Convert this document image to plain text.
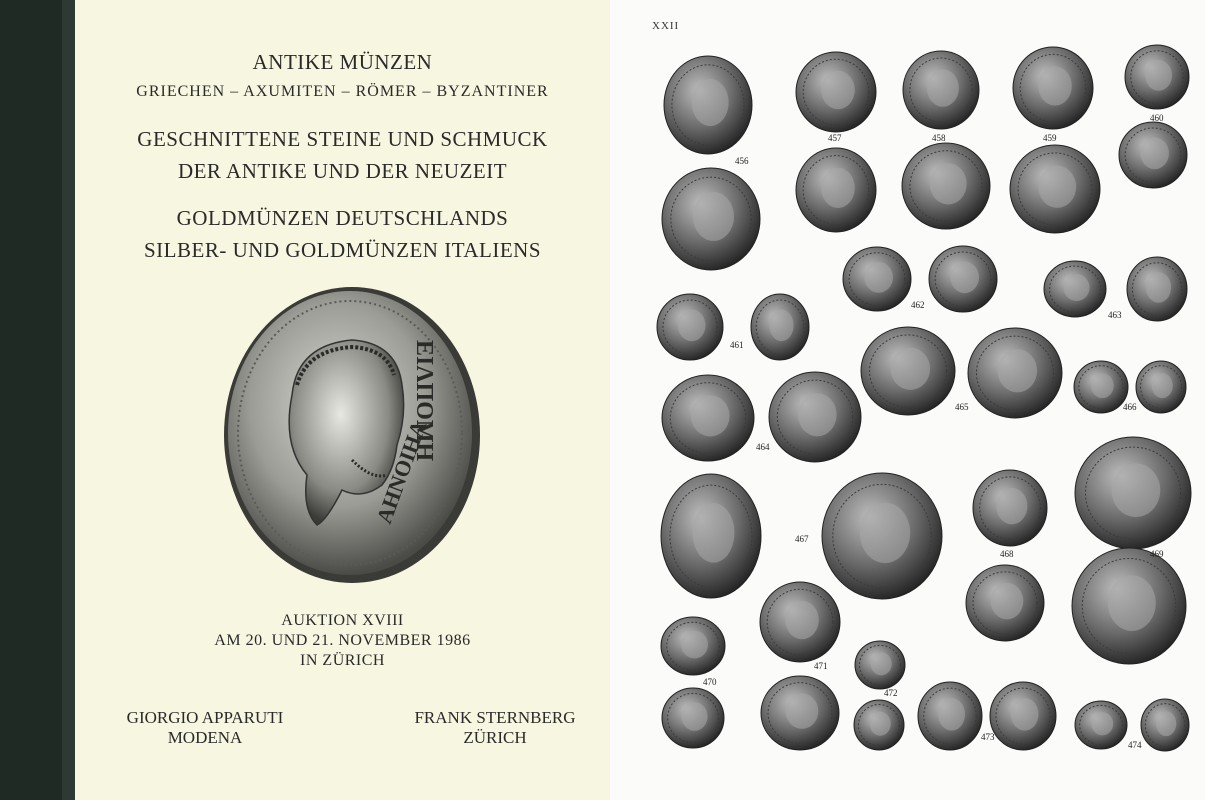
ANTIKE MÜNZEN
GRIECHEN – AXUMITEN – RÖMER – BYZANTINER
GESCHNITTENE STEINE UND SCHMUCK
DER ANTIKE UND DER NEUZEIT
GOLDMÜNZEN DEUTSCHLANDS
SILBER- UND GOLDMÜNZEN ITALIENS
AUKTION XVIII
AM 20. UND 21. NOVEMBER 1986
IN ZÜRICH
GIORGIO APPARUTI
MODENA
FRANK STERNBERG
ZÜRICH
ΕΙΛΠΟΜΗ
ΑΗΝΟΙΗΑ
XXII
456
457	458	459
460
461
462
463
464
465	466
467
468	469
470
471
472
473
474
